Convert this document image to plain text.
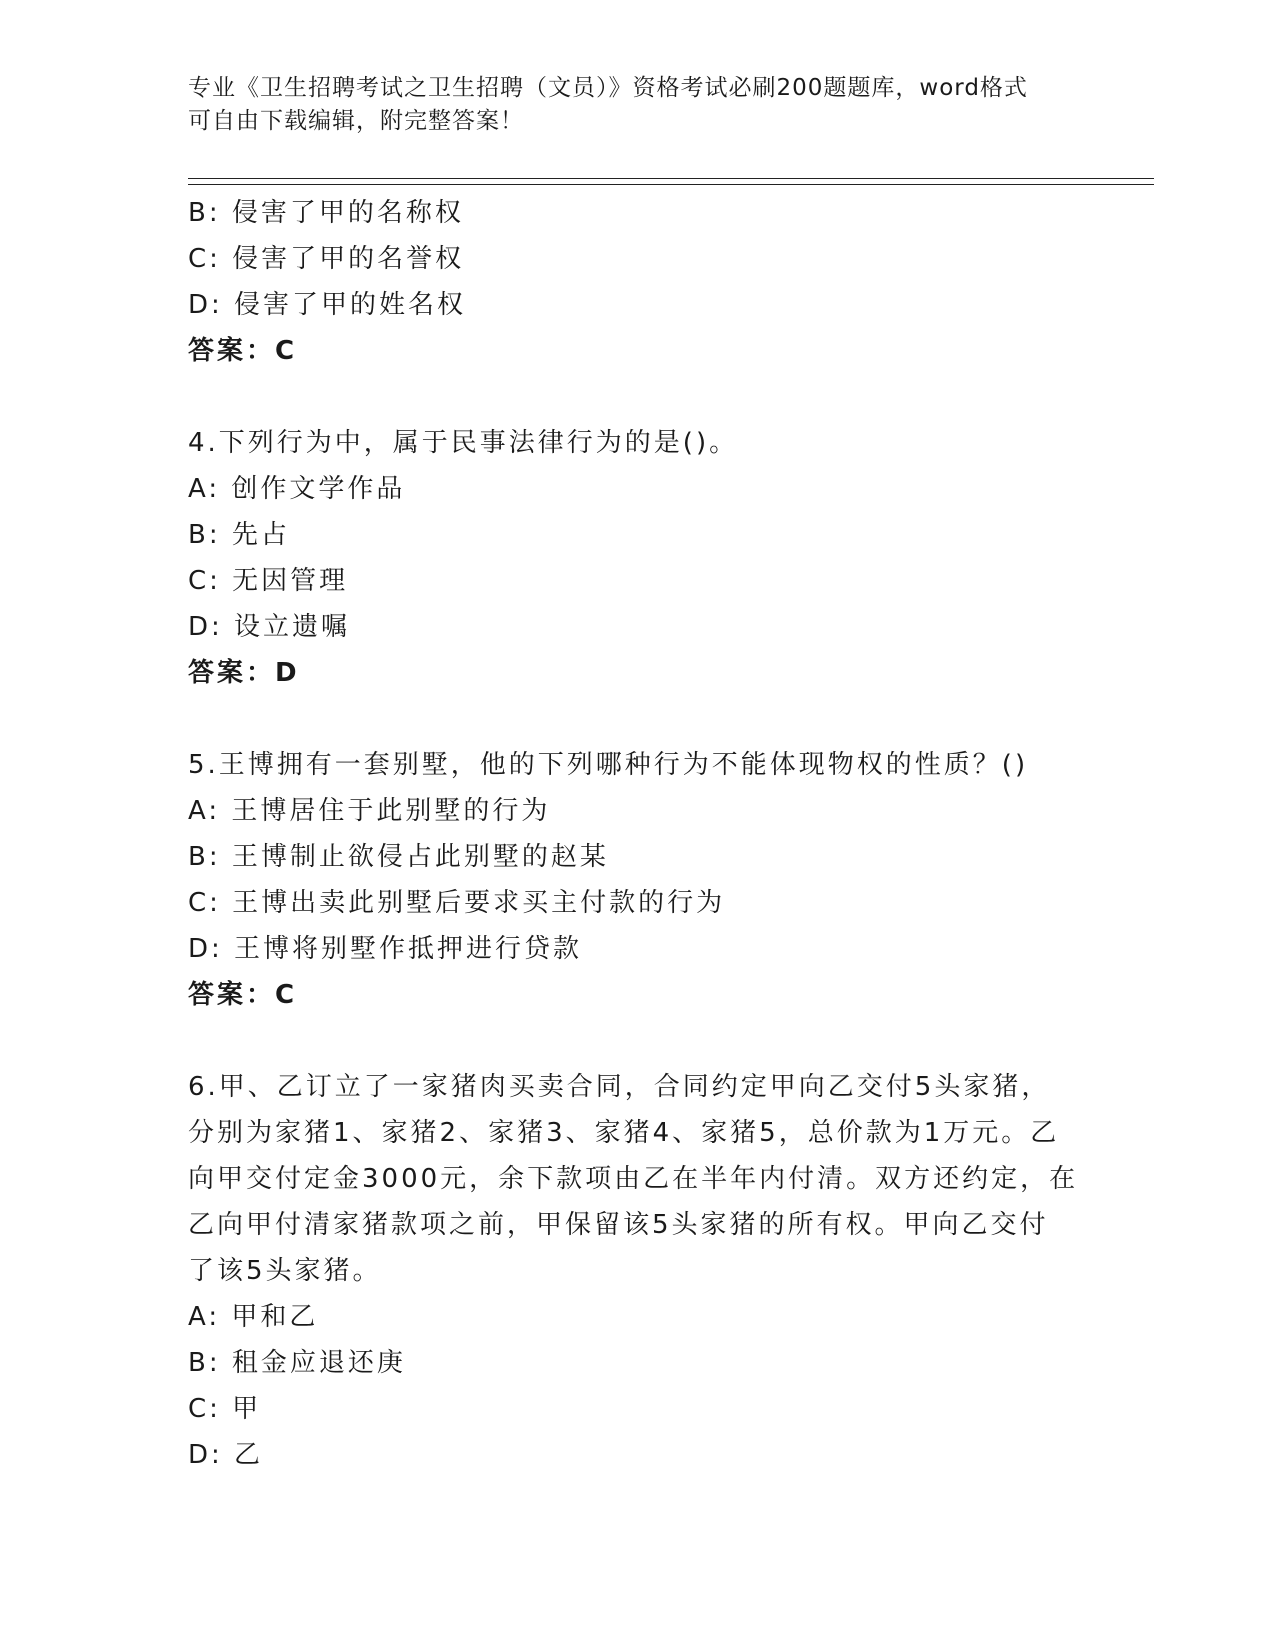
专业《卫生招聘考试之卫生招聘（文员）》资格考试必刷200题题库，word格式
可自由下载编辑，附完整答案！
B: 侵害了甲的名称权
C: 侵害了甲的名誉权
D: 侵害了甲的姓名权
答案：C
4.下列行为中，属于民事法律行为的是()。
A: 创作文学作品
B: 先占
C: 无因管理
D: 设立遗嘱
答案：D
5.王博拥有一套别墅，他的下列哪种行为不能体现物权的性质？()
A: 王博居住于此别墅的行为
B: 王博制止欲侵占此别墅的赵某
C: 王博出卖此别墅后要求买主付款的行为
D: 王博将别墅作抵押进行贷款
答案：C
6.甲、乙订立了一家猪肉买卖合同，合同约定甲向乙交付5头家猪，
分别为家猪1、家猪2、家猪3、家猪4、家猪5，总价款为1万元。乙
向甲交付定金3000元，余下款项由乙在半年内付清。双方还约定，在
乙向甲付清家猪款项之前，甲保留该5头家猪的所有权。甲向乙交付
了该5头家猪。
A: 甲和乙
B: 租金应退还庚
C: 甲
D: 乙
